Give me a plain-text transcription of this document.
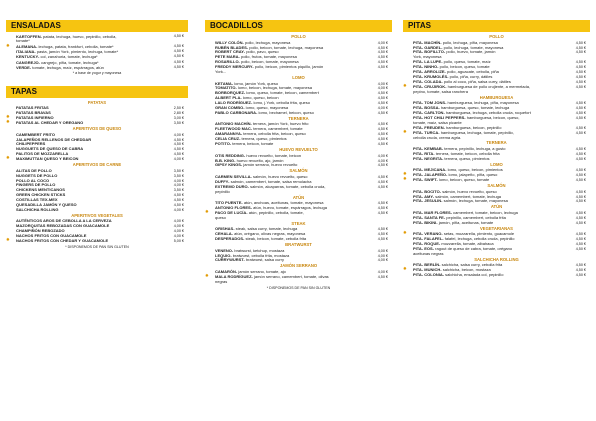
ENSALADAS
KARTOFFEN- patata, lechuga, huevo, pepinillo, cebolla,	4,50 €
tomate*
✸ ALEMANA- lechuga, patata, frankfurt, cebolla, tomate*	4,50 €
ITALIANA- pasta, jamón York, pimiento, lechuga, tomate*	4,50 €
KENTUCKY- col, zanahoria, tomate, lechuga*	4,50 €
CANGREJO- cangrejo, piña, tomate, lechuga*	4,50 €
VERDE- tomate, lechuga, maíz, espárragos, atún	4,50 €
* a base de yogur y mayonesa
TAPAS
PATATAS
PATATAS FRITAS	2,50 €
PATATAS BRAVAS	2,80 €
✸ PATATAS INFIERNO	3,00 €
✸ PATATAS AL CHEDAR Y OREGANO	3,50 €
APERITIVOS DE QUESO
CAMEMBERT FRITO	4,00 €
JALAPEÑOS RELLENOS DE CHEDDAR	4,50 €
CHILIPEPPERS	4,50 €
NUGGUETS DE QUESO DE CABRA	4,50 €
PALITOS DE MOZZARELLA	4,50 €
✸ MAXIMUTTAN QUESO Y BEICON	4,00 €
APERITIVOS DE CARNE
ALITAS DE POLLO	3,50 €
NUGGETS DE POLLO	3,50 €
POLLO AL COCO	4,00 €
FINGERS DE POLLO	4,00 €
CHICKENS MENTICANOS	3,50 €
GREEN CHICKEN STICKS	4,50 €
COSTILLAS TEX-MEX	4,50 €
QUESADILLA JAMÓN Y QUESO	4,50 €
SALCHICHA ROLLING	4,00 €
APERITIVOS VEGETALES
AUTÉNTICOS AROS DE CEBOLLA A LA CERVEZA	4,00 €
MAZORQUITAS REBOZADAS CON GUACAMOLE	4,00 €
CHAMPIÑÓN REBOZADO	4,00 €
NACHOS FRITOS CON GUACAMOLE	4,00 €
✸ NACHOS FRITOS CON CHEDAR Y GUACAMOLE	5,00 €
* DISPONEMOS DE PAN SIN GLUTEN
BOCADILLOS
POLLO
WILLY COLÓN- pollo, lechuga, mayonesa	4,00 €
RUBÉN BLADES- pollo, beicon, tomate, lechuga, mayonesa	4,50 €
ROBERT CRAY- pollo, pavo, queso	4,50 €
PETE MARA- pollo, frutos, tomate, mayonesa	4,50 €
ROSARILLO- pollo, beicon, tomate, mayonesa	4,50 €
FREDDY MERCURY- pollo, beicon, pimientos piquillo, jamón	4,50 €
York...
LOMO
KETAMA- lomo, jamón York, queso	4,00 €
TOMATITO- lomo, beicon, lechuga, tomate, mayonesa	4,00 €
BORBORQUEZ- lomo, queso, tomate, beicon, camembert	4,50 €
ALBERT PLA- lomo, queso, beicon	4,50 €
LALO RODRÍGUEZ- lomo, j.York, cebolla frita, queso	4,50 €
GRAN COMBO- lomo, queso, mayonesa	4,00 €
PABLO CARBONARA- lomo, bechamel, beicon, queso	4,50 €
TERNERA
ANTONIO MACHÍN- ternera, jamón York, huevo frito	4,50 €
FLEETWOOD MAC- ternera, camembert, tomate	4,50 €
AMARANNYA- ternera, cebolla frita, beicon, queso	4,50 €
CELIA CRUZ- ternera, queso, pimientos	4,50 €
POTITO- ternera, beicon, tomate	4,50 €
HUEVO REVUELTO
OTIS REDDING- huevo revuelto, tomate, beicon	4,00 €
B.B. KING- huevo revuelto, ajo, jamón	4,00 €
GIPSY KINGS- jamón serrano, huevo revuelto	4,50 €
SALMÓN
CARMEN SEVILLA- salmón, huevo revuelto, queso	4,50 €
DUFFY- salmón, camembert, tomate, salsa remolacha	4,50 €
EXTREMO DURO- salmón, alcaparras, tomate, cebolla cruda,	4,50 €
pepinillo
ATÚN
TITO PUENTE- atún, anchoas, aceitunas, tomate, mayonesa	4,50 €
ANTONIO FLORES- atún, huevo, tomate, espárragos, lechuga	4,50 €
✸ PACO DE LUCÍA- atún, pepinillo, cebolla, tomate,	4,50 €
queso
STEAK
ORISHAS- steak, salsa curry, tomate, lechuga	4,50 €
CEHALA- atún, orégano, olivas negras, mayonesa	4,50 €
DESPERADOS- steak, beicon, tomate, cebolla frita	4,50 €
BRATWURST
VENENO- bratwurst, ketchup, mostaza	4,00 €
LEQUIO- bratwurst, cebolla frita, mostaza	4,00 €
CURRYWURST- bratwurst, salsa curry	4,00 €
JAMÓN SERRANO
CAMARÓN- jamón serrano, tomate, ajo	4,00 €
✸ MALA RODRÍGUEZ- jamón serrano, camembert, tomate, olivas	4,50 €
negras
* DISPONEMOS DE PAN SIN GLUTEN
PITAS
POLLO
PITA- MACHÍN- pollo, lechuga, piña, mayonesa	4,50 €
PITA- GARDEL- pollo, lechuga, tomate, mayonesa	4,50 €
PITA- BOFILLTO- pollo, huevo, tomate, jamón	4,50 €
York, mayonesa
PITA- LA LUPE- pollo, queso, tomate, maíz	4,50 €
PITA- NINHO- pollo, beicon, queso, tomate	4,50 €
PITA- ARROLIZE- pollo, aguacate, cebolla, piña	4,50 €
PITA- KRUMOLÉS- pollo, piña, curry, dátiles	4,50 €
PITA- COLADA- pollo al coco, piña, salsa curry, dátiles	4,50 €
✸ PITA- CRUJIROK- hamburguesa de pollo crujiente, a mermelada,	4,50 €
pepino, tomate, salsa ranchera
HAMBURGUESA
PITA- TOM JONS- hamburguesa, lechuga, piña, mayonesa	4,50 €
PITA- BOSSA- hamburguesa, queso, tomate, lechuga	4,50 €
PITA- CARLTON- hamburguesa, lechuga, cebolla cruda, roquefort	4,50 €
PITA- HOT CHILI PEPPERS- hamburguesa, beicon, queso,	4,50 €
tomate, maíz, salsa picante
PITA- FREUDEN- hamburguesa, beicon, pepinillo	4,50 €
✸ PITA- TURCA- hamburguesa, lechuga, tomate, pepinillo,	4,50 €
cebolla cruda, crema agria.
TERNERA
PITA- KEMBAB- ternera, pepinillo, lechuga, a gusto	4,50 €
PITA- RITA- ternera, tomate, beicon, cebolla frita	4,50 €
PITA- NEGRITA- ternera, queso, pimientos	4,50 €
LOMO
PITA- MEJICANA- lomo, queso, beicon, pimientos	4,50 €
✸ PITA- JALAPEÑO- lomo, jalapeño, piña, queso	4,50 €
✸ PITA- SWIFT- lomo, beicon, queso, tomate	4,50 €
SALMÓN
PITA- BOCITO- salmón, huevo revuelto, queso	4,50 €
PITA- AMY- salmón, camembert, tomate, lechuga	4,50 €
PITA- JESULIN- salmón, lechuga, tomate, mayonesa	4,50 €
ATÚN
PITA- MAR FLORES- camembert, tomate, beicon, lechuga	4,50 €
PITA- SANTA FE- pepinillo, camembert, cebolla frita	4,50 €
PITA- BIKINI- jamón, piña, aceitunas, tomate	4,50 €
VEGETARIANAS
✸ PITA- VERANO- setas, mozzarella, pimiento, guacamole	4,50 €
PITA- FALAFEL- falafel, lechuga, cebolla cruda, pepinillo	4,50 €
PITA- ROQUE- mozzarella, tomate, albahaca	4,50 €
PITA- EOS- ragout de queso de cabra, tomate, orégano	4,50 €
aceitunas negras
SALCHICHA ROLLING
PITA- BERLÍN- salchicha, salsa curry, cebolla frita	4,50 €
✸ PITA- MUNICH- salchicha, beicon, mostaza	4,50 €
PITA- COLONIA- salchicha, ensalada col, pepinillo	4,50 €
